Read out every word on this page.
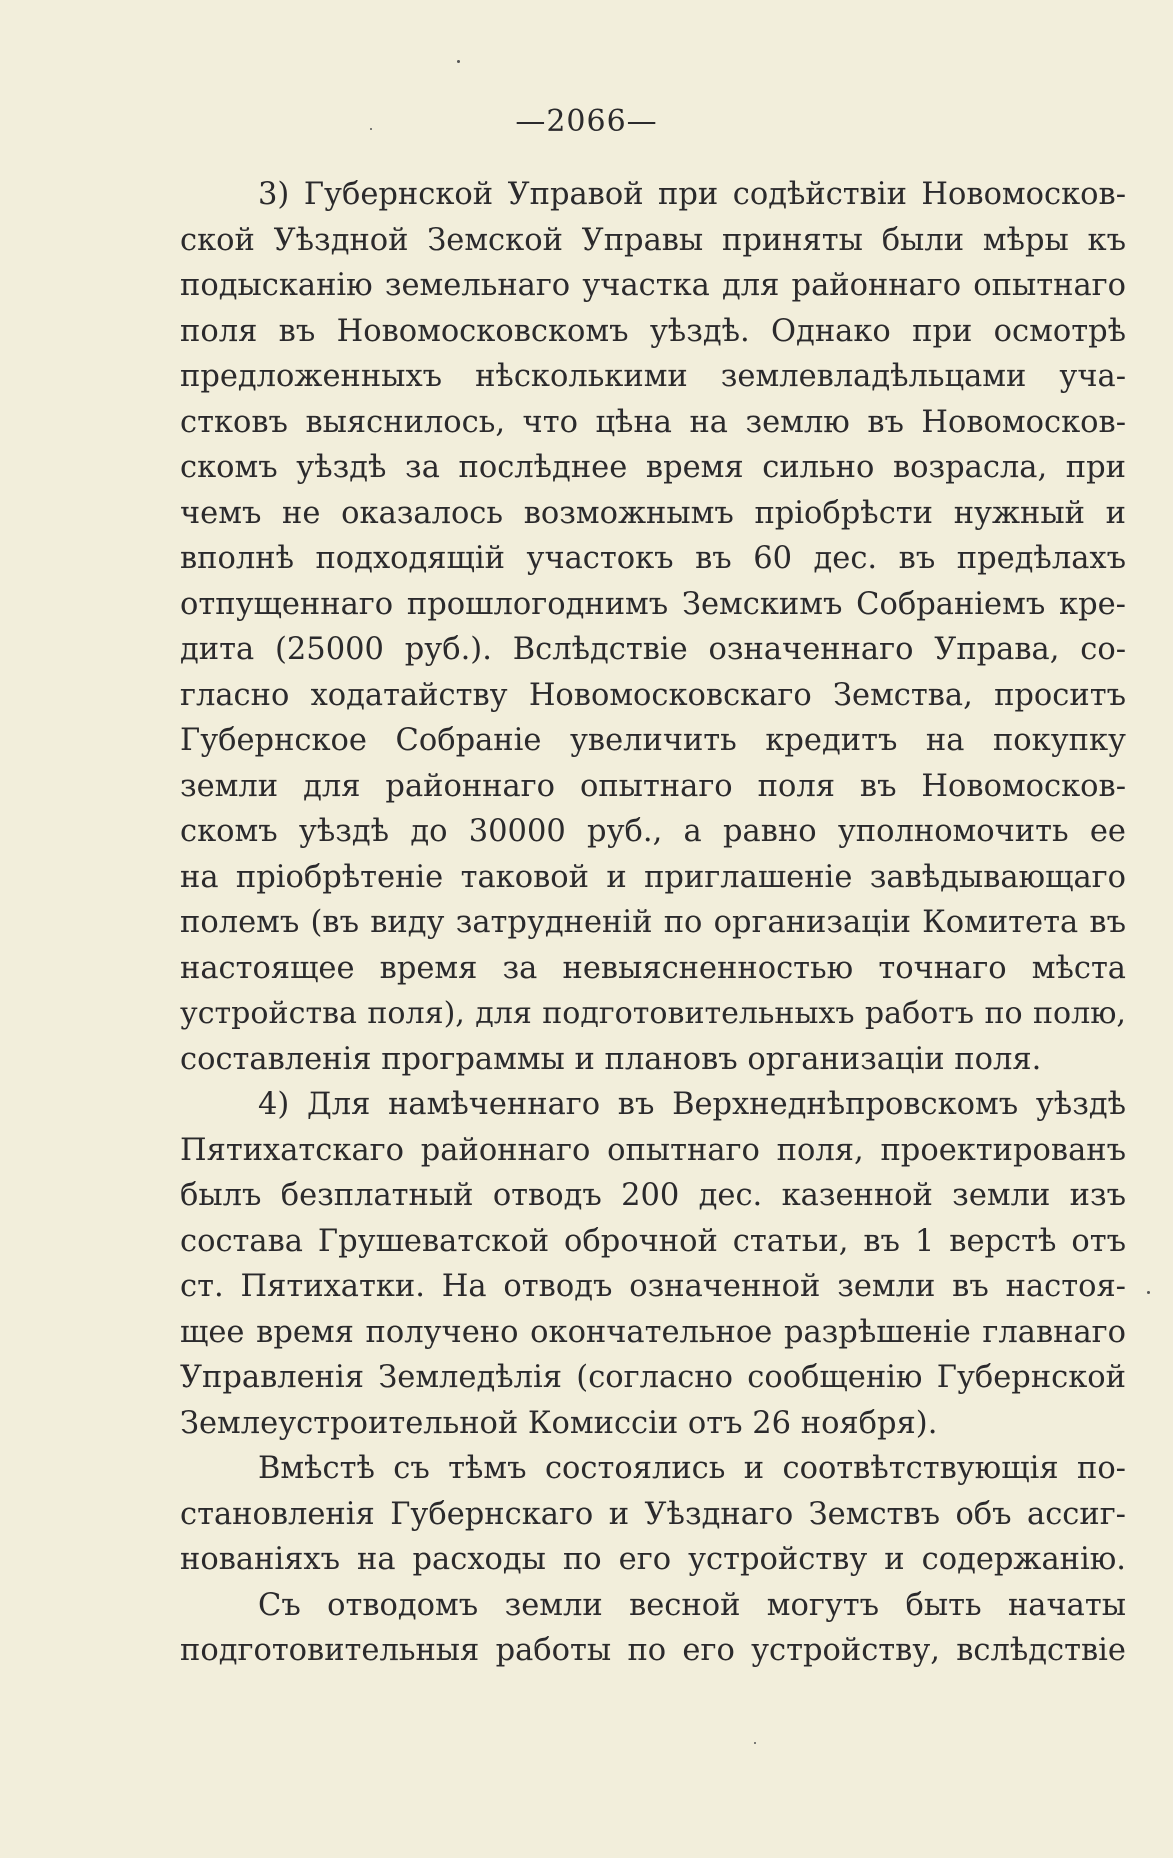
—2066—
3) Губернской Управой при содѣйствіи Новомосков-
ской Уѣздной Земской Управы приняты были мѣры къ
подысканію земельнаго участка для районнаго опытнаго
поля въ Новомосковскомъ уѣздѣ. Однако при осмотрѣ
предложенныхъ нѣсколькими землевладѣльцами уча-
стковъ выяснилось, что цѣна на землю въ Новомосков-
скомъ уѣздѣ за послѣднее время сильно возрасла, при
чемъ не оказалось возможнымъ пріобрѣсти нужный и
вполнѣ подходящій участокъ въ 60 дес. въ предѣлахъ
отпущеннаго прошлогоднимъ Земскимъ Собраніемъ кре-
дита (25000 руб.). Вслѣдствіе означеннаго Управа, со-
гласно ходатайству Новомосковскаго Земства, проситъ
Губернское Собраніе увеличить кредитъ на покупку
земли для районнаго опытнаго поля въ Новомосков-
скомъ уѣздѣ до 30000 руб., а равно уполномочить ее
на пріобрѣтеніе таковой и приглашеніе завѣдывающаго
полемъ (въ виду затрудненій по организаціи Комитета въ
настоящее время за невыясненностью точнаго мѣста
устройства поля), для подготовительныхъ работъ по полю,
составленія программы и плановъ организаціи поля.
4) Для намѣченнаго въ Верхнеднѣпровскомъ уѣздѣ
Пятихатскаго районнаго опытнаго поля, проектированъ
былъ безплатный отводъ 200 дес. казенной земли изъ
состава Грушеватской оброчной статьи, въ 1 верстѣ отъ
ст. Пятихатки. На отводъ означенной земли въ настоя-
щее время получено окончательное разрѣшеніе главнаго
Управленія Земледѣлія (согласно сообщенію Губернской
Землеустроительной Комиссіи отъ 26 ноября).
Вмѣстѣ съ тѣмъ состоялись и соотвѣтствующія по-
становленія Губернскаго и Уѣзднаго Земствъ объ ассиг-
нованіяхъ на расходы по его устройству и содержанію.
Съ отводомъ земли весной могутъ быть начаты
подготовительныя работы по его устройству, вслѣдствіе
